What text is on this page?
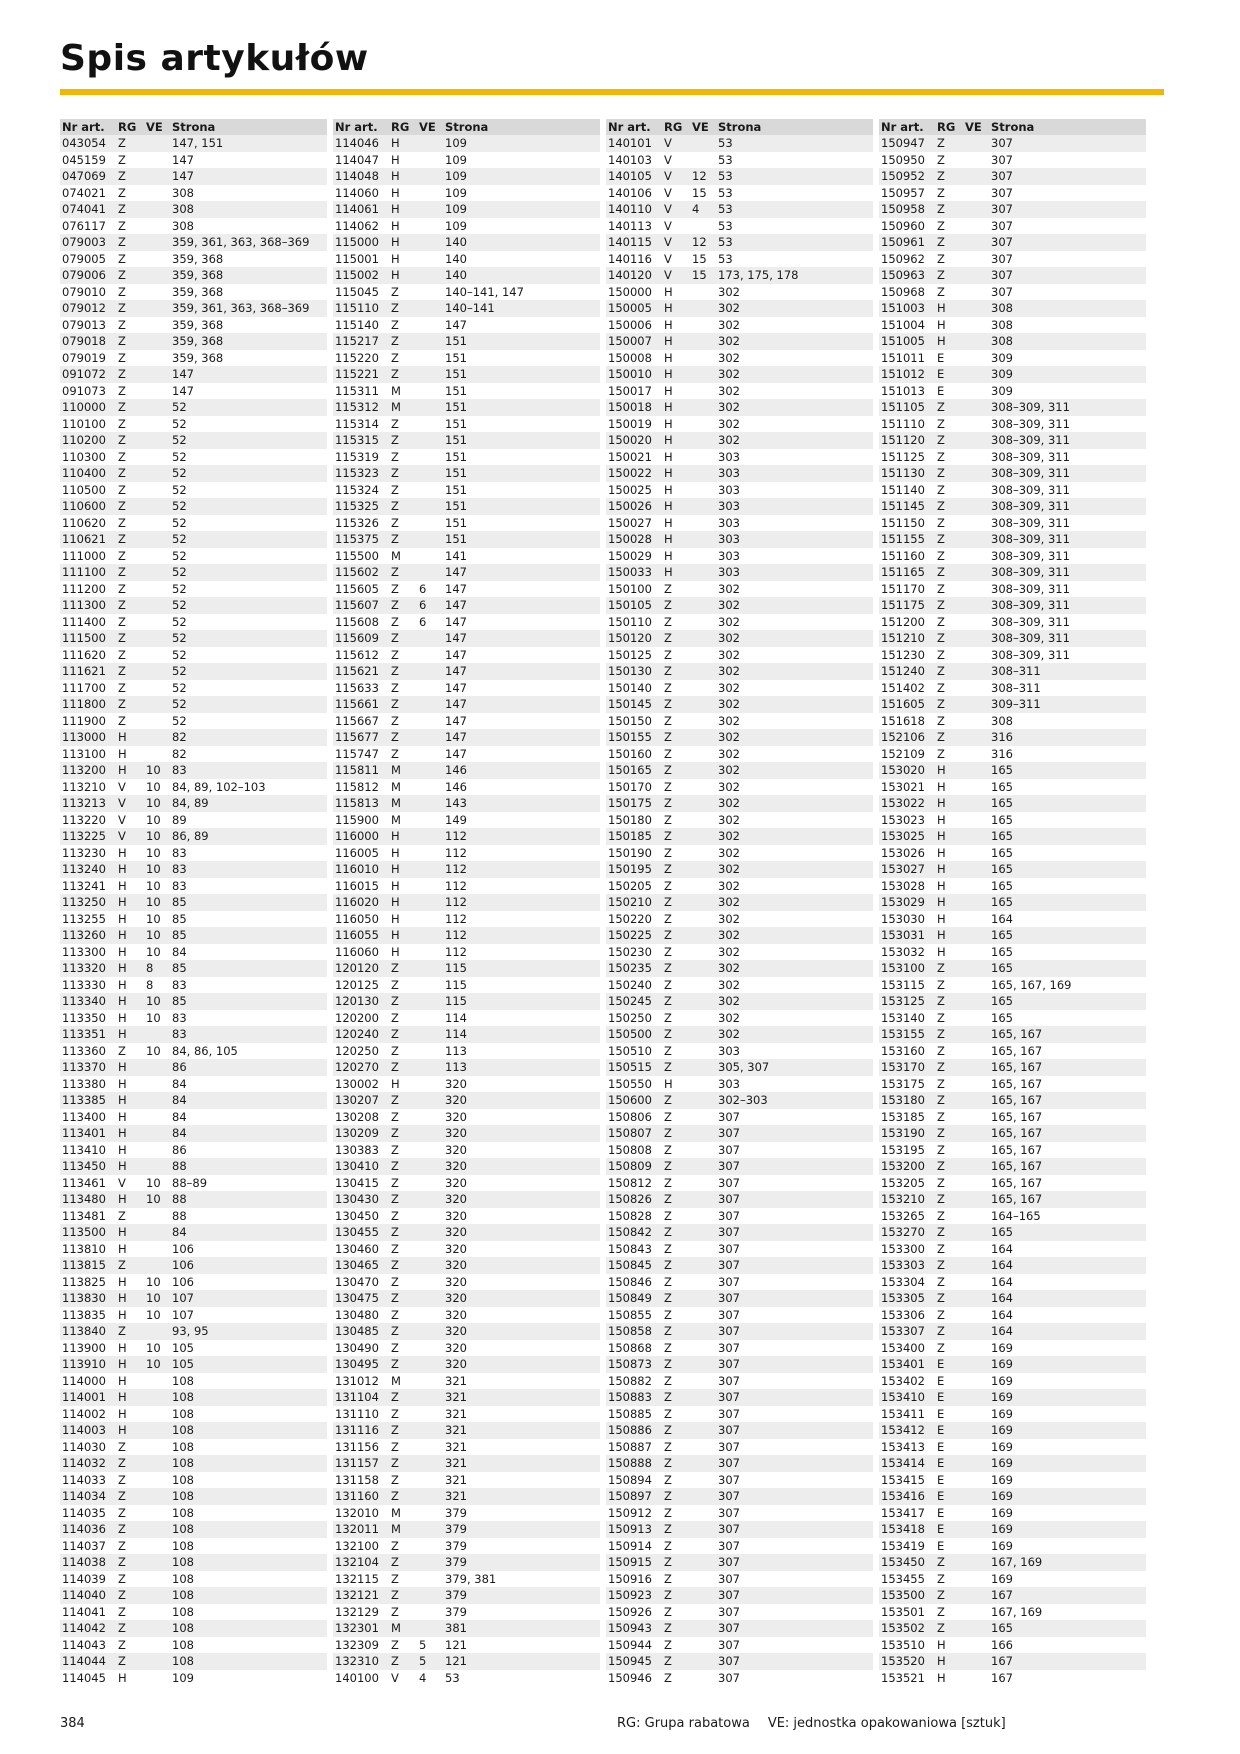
Spis artykułów
Nr art.	RG	VE	Strona
043054	Z		147, 151
045159	Z		147
047069	Z		147
074021	Z		308
074041	Z		308
076117	Z		308
079003	Z		359, 361, 363, 368–369
079005	Z		359, 368
079006	Z		359, 368
079010	Z		359, 368
079012	Z		359, 361, 363, 368–369
079013	Z		359, 368
079018	Z		359, 368
079019	Z		359, 368
091072	Z		147
091073	Z		147
110000	Z		52
110100	Z		52
110200	Z		52
110300	Z		52
110400	Z		52
110500	Z		52
110600	Z		52
110620	Z		52
110621	Z		52
111000	Z		52
111100	Z		52
111200	Z		52
111300	Z		52
111400	Z		52
111500	Z		52
111620	Z		52
111621	Z		52
111700	Z		52
111800	Z		52
111900	Z		52
113000	H		82
113100	H		82
113200	H	10	83
113210	V	10	84, 89, 102–103
113213	V	10	84, 89
113220	V	10	89
113225	V	10	86, 89
113230	H	10	83
113240	H	10	83
113241	H	10	83
113250	H	10	85
113255	H	10	85
113260	H	10	85
113300	H	10	84
113320	H	8	85
113330	H	8	83
113340	H	10	85
113350	H	10	83
113351	H		83
113360	Z	10	84, 86, 105
113370	H		86
113380	H		84
113385	H		84
113400	H		84
113401	H		84
113410	H		86
113450	H		88
113461	V	10	88–89
113480	H	10	88
113481	Z		88
113500	H		84
113810	H		106
113815	Z		106
113825	H	10	106
113830	H	10	107
113835	H	10	107
113840	Z		93, 95
113900	H	10	105
113910	H	10	105
114000	H		108
114001	H		108
114002	H		108
114003	H		108
114030	Z		108
114032	Z		108
114033	Z		108
114034	Z		108
114035	Z		108
114036	Z		108
114037	Z		108
114038	Z		108
114039	Z		108
114040	Z		108
114041	Z		108
114042	Z		108
114043	Z		108
114044	Z		108
114045	H		109
Nr art.	RG	VE	Strona
114046	H		109
114047	H		109
114048	H		109
114060	H		109
114061	H		109
114062	H		109
115000	H		140
115001	H		140
115002	H		140
115045	Z		140–141, 147
115110	Z		140–141
115140	Z		147
115217	Z		151
115220	Z		151
115221	Z		151
115311	M		151
115312	M		151
115314	Z		151
115315	Z		151
115319	Z		151
115323	Z		151
115324	Z		151
115325	Z		151
115326	Z		151
115375	Z		151
115500	M		141
115602	Z		147
115605	Z	6	147
115607	Z	6	147
115608	Z	6	147
115609	Z		147
115612	Z		147
115621	Z		147
115633	Z		147
115661	Z		147
115667	Z		147
115677	Z		147
115747	Z		147
115811	M		146
115812	M		146
115813	M		143
115900	M		149
116000	H		112
116005	H		112
116010	H		112
116015	H		112
116020	H		112
116050	H		112
116055	H		112
116060	H		112
120120	Z		115
120125	Z		115
120130	Z		115
120200	Z		114
120240	Z		114
120250	Z		113
120270	Z		113
130002	H		320
130207	Z		320
130208	Z		320
130209	Z		320
130383	Z		320
130410	Z		320
130415	Z		320
130430	Z		320
130450	Z		320
130455	Z		320
130460	Z		320
130465	Z		320
130470	Z		320
130475	Z		320
130480	Z		320
130485	Z		320
130490	Z		320
130495	Z		320
131012	M		321
131104	Z		321
131110	Z		321
131116	Z		321
131156	Z		321
131157	Z		321
131158	Z		321
131160	Z		321
132010	M		379
132011	M		379
132100	Z		379
132104	Z		379
132115	Z		379, 381
132121	Z		379
132129	Z		379
132301	M		381
132309	Z	5	121
132310	Z	5	121
140100	V	4	53
Nr art.	RG	VE	Strona
140101	V		53
140103	V		53
140105	V	12	53
140106	V	15	53
140110	V	4	53
140113	V		53
140115	V	12	53
140116	V	15	53
140120	V	15	173, 175, 178
150000	H		302
150005	H		302
150006	H		302
150007	H		302
150008	H		302
150010	H		302
150017	H		302
150018	H		302
150019	H		302
150020	H		302
150021	H		303
150022	H		303
150025	H		303
150026	H		303
150027	H		303
150028	H		303
150029	H		303
150033	H		303
150100	Z		302
150105	Z		302
150110	Z		302
150120	Z		302
150125	Z		302
150130	Z		302
150140	Z		302
150145	Z		302
150150	Z		302
150155	Z		302
150160	Z		302
150165	Z		302
150170	Z		302
150175	Z		302
150180	Z		302
150185	Z		302
150190	Z		302
150195	Z		302
150205	Z		302
150210	Z		302
150220	Z		302
150225	Z		302
150230	Z		302
150235	Z		302
150240	Z		302
150245	Z		302
150250	Z		302
150500	Z		302
150510	Z		303
150515	Z		305, 307
150550	H		303
150600	Z		302–303
150806	Z		307
150807	Z		307
150808	Z		307
150809	Z		307
150812	Z		307
150826	Z		307
150828	Z		307
150842	Z		307
150843	Z		307
150845	Z		307
150846	Z		307
150849	Z		307
150855	Z		307
150858	Z		307
150868	Z		307
150873	Z		307
150882	Z		307
150883	Z		307
150885	Z		307
150886	Z		307
150887	Z		307
150888	Z		307
150894	Z		307
150897	Z		307
150912	Z		307
150913	Z		307
150914	Z		307
150915	Z		307
150916	Z		307
150923	Z		307
150926	Z		307
150943	Z		307
150944	Z		307
150945	Z		307
150946	Z		307
Nr art.	RG	VE	Strona
150947	Z		307
150950	Z		307
150952	Z		307
150957	Z		307
150958	Z		307
150960	Z		307
150961	Z		307
150962	Z		307
150963	Z		307
150968	Z		307
151003	H		308
151004	H		308
151005	H		308
151011	E		309
151012	E		309
151013	E		309
151105	Z		308–309, 311
151110	Z		308–309, 311
151120	Z		308–309, 311
151125	Z		308–309, 311
151130	Z		308–309, 311
151140	Z		308–309, 311
151145	Z		308–309, 311
151150	Z		308–309, 311
151155	Z		308–309, 311
151160	Z		308–309, 311
151165	Z		308–309, 311
151170	Z		308–309, 311
151175	Z		308–309, 311
151200	Z		308–309, 311
151210	Z		308–309, 311
151230	Z		308–309, 311
151240	Z		308–311
151402	Z		308–311
151605	Z		309–311
151618	Z		308
152106	Z		316
152109	Z		316
153020	H		165
153021	H		165
153022	H		165
153023	H		165
153025	H		165
153026	H		165
153027	H		165
153028	H		165
153029	H		165
153030	H		164
153031	H		165
153032	H		165
153100	Z		165
153115	Z		165, 167, 169
153125	Z		165
153140	Z		165
153155	Z		165, 167
153160	Z		165, 167
153170	Z		165, 167
153175	Z		165, 167
153180	Z		165, 167
153185	Z		165, 167
153190	Z		165, 167
153195	Z		165, 167
153200	Z		165, 167
153205	Z		165, 167
153210	Z		165, 167
153265	Z		164–165
153270	Z		165
153300	Z		164
153303	Z		164
153304	Z		164
153305	Z		164
153306	Z		164
153307	Z		164
153400	Z		169
153401	E		169
153402	E		169
153410	E		169
153411	E		169
153412	E		169
153413	E		169
153414	E		169
153415	E		169
153416	E		169
153417	E		169
153418	E		169
153419	E		169
153450	Z		167, 169
153455	Z		169
153500	Z		167
153501	Z		167, 169
153502	Z		165
153510	H		166
153520	H		167
153521	H		167
384	RG: Grupa rabatowa VE: jednostka opakowaniowa [sztuk]
